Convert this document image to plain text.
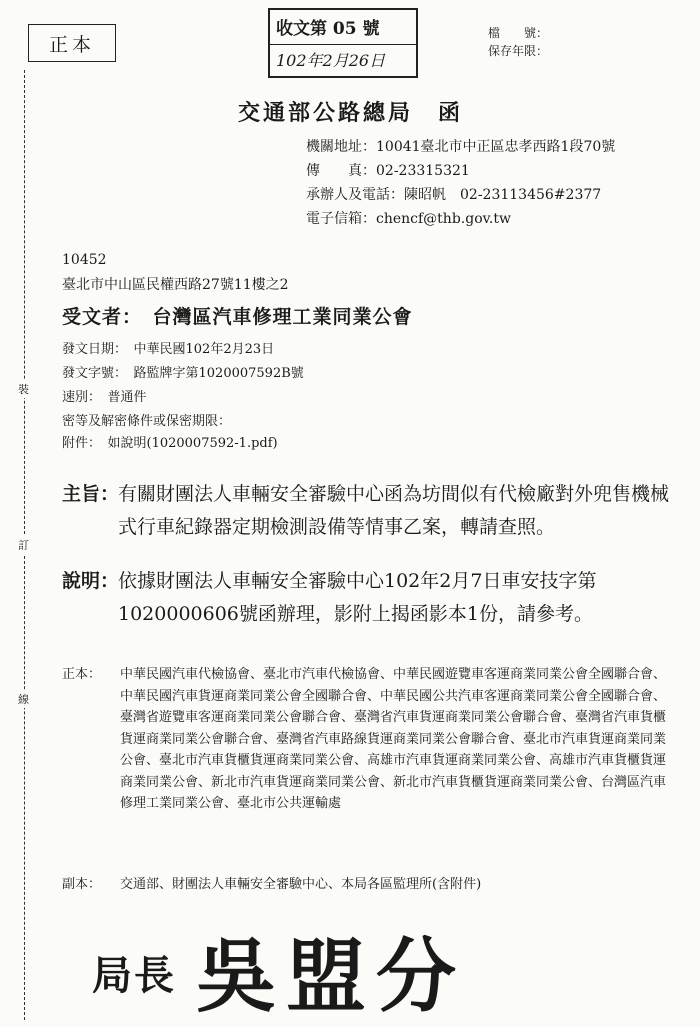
裝
訂
線
正本
收文第 05 號
102年2月26日
檔　　號：
保存年限：
交通部公路總局　函
機關地址：10041臺北市中正區忠孝西路1段70號
傳　　真：02-23315321
承辦人及電話：陳昭帆　02-23113456#2377
電子信箱：chencf@thb.gov.tw
10452
臺北市中山區民權西路27號11樓之2
受文者：　台灣區汽車修理工業同業公會
發文日期：　中華民國102年2月23日
發文字號：　路監牌字第1020007592B號
速別：　普通件
密等及解密條件或保密期限：
附件：　如說明(1020007592-1.pdf)
主旨：
有關財團法人車輛安全審驗中心函為坊間似有代檢廠對外兜售機械式行車紀錄器定期檢測設備等情事乙案，轉請查照。
說明：
依據財團法人車輛安全審驗中心102年2月7日車安技字第1020000606號函辦理，影附上揭函影本1份，請參考。
正本： 中華民國汽車代檢協會、臺北市汽車代檢協會、中華民國遊覽車客運商業同業公會全國聯合會、中華民國汽車貨運商業同業公會全國聯合會、中華民國公共汽車客運商業同業公會全國聯合會、臺灣省遊覽車客運商業同業公會聯合會、臺灣省汽車貨運商業同業公會聯合會、臺灣省汽車貨櫃貨運商業同業公會聯合會、臺灣省汽車路線貨運商業同業公會聯合會、臺北市汽車貨運商業同業公會、臺北市汽車貨櫃貨運商業同業公會、高雄市汽車貨運商業同業公會、高雄市汽車貨櫃貨運商業同業公會、新北市汽車貨運商業同業公會、新北市汽車貨櫃貨運商業同業公會、台灣區汽車修理工業同業公會、臺北市公共運輸處
副本： 交通部、財團法人車輛安全審驗中心、本局各區監理所(含附件)
局長 吳盟分
